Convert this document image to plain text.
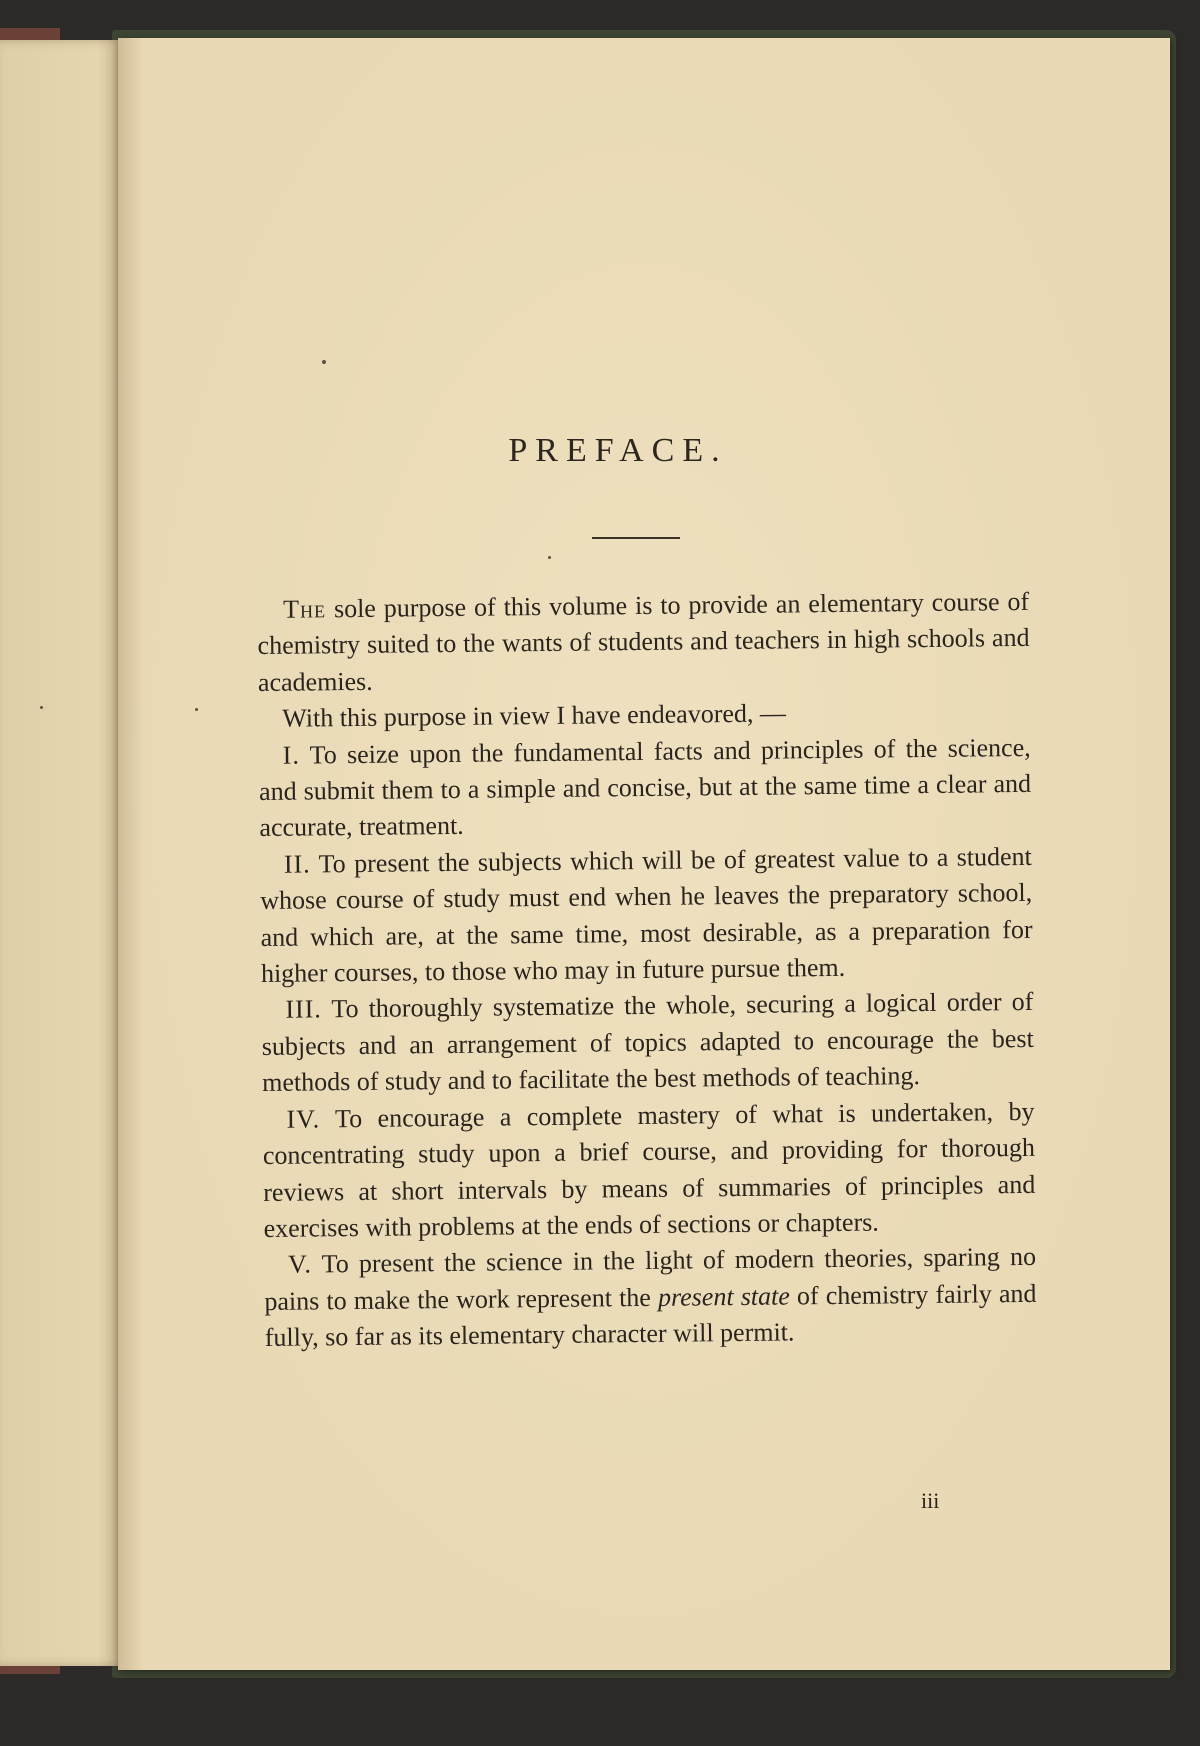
PREFACE.

The sole purpose of this volume is to provide an elementary course of chemistry suited to the wants of students and teachers in high schools and academies.

With this purpose in view I have endeavored, —

I. To seize upon the fundamental facts and principles of the science, and submit them to a simple and concise, but at the same time a clear and accurate, treatment.

II. To present the subjects which will be of greatest value to a student whose course of study must end when he leaves the preparatory school, and which are, at the same time, most desirable, as a preparation for higher courses, to those who may in future pursue them.

III. To thoroughly systematize the whole, securing a logical order of subjects and an arrangement of topics adapted to encourage the best methods of study and to facilitate the best methods of teaching.

IV. To encourage a complete mastery of what is undertaken, by concentrating study upon a brief course, and providing for thorough reviews at short intervals by means of summaries of principles and exercises with problems at the ends of sections or chapters.

V. To present the science in the light of modern theories, sparing no pains to make the work represent the present state of chemistry fairly and fully, so far as its elementary character will permit.

iii
